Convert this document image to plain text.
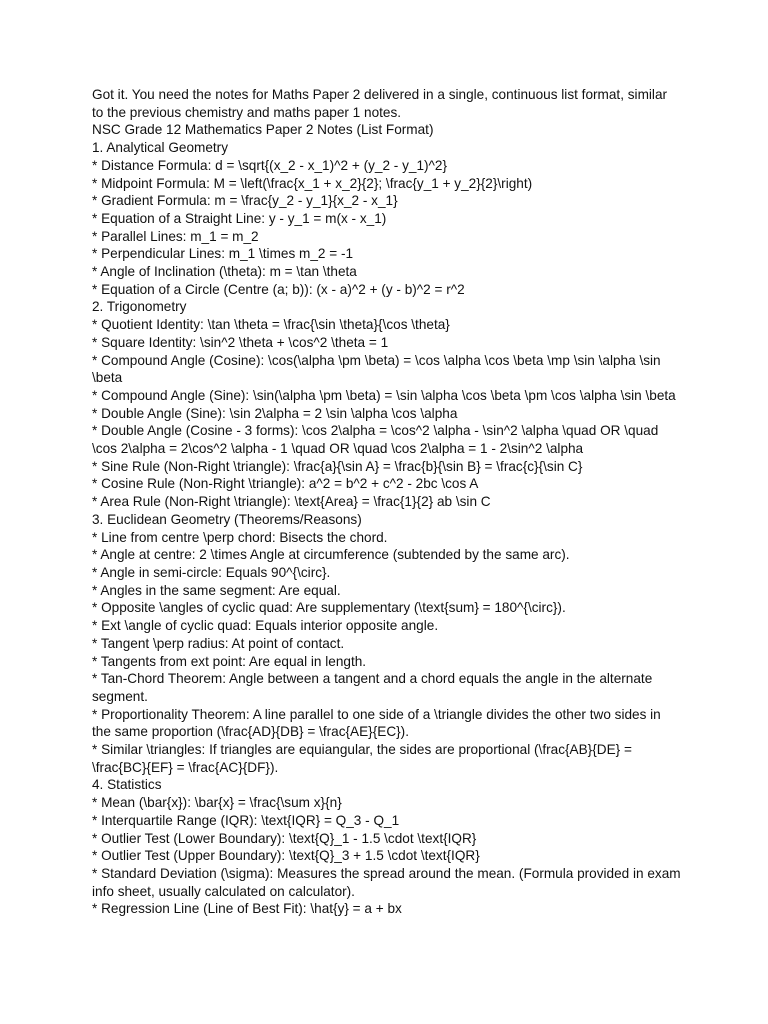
Got it. You need the notes for Maths Paper 2 delivered in a single, continuous list format, similar to the previous chemistry and maths paper 1 notes.

NSC Grade 12 Mathematics Paper 2 Notes (List Format)

1. Analytical Geometry

* Distance Formula: d = \sqrt{(x_2 - x_1)^2 + (y_2 - y_1)^2}

* Midpoint Formula: M = \left(\frac{x_1 + x_2}{2}; \frac{y_1 + y_2}{2}\right)

* Gradient Formula: m = \frac{y_2 - y_1}{x_2 - x_1}

* Equation of a Straight Line: y - y_1 = m(x - x_1)

* Parallel Lines: m_1 = m_2

* Perpendicular Lines: m_1 \times m_2 = -1

* Angle of Inclination (\theta): m = \tan \theta

* Equation of a Circle (Centre (a; b)): (x - a)^2 + (y - b)^2 = r^2

2. Trigonometry

* Quotient Identity: \tan \theta = \frac{\sin \theta}{\cos \theta}

* Square Identity: \sin^2 \theta + \cos^2 \theta = 1

* Compound Angle (Cosine): \cos(\alpha \pm \beta) = \cos \alpha \cos \beta \mp \sin \alpha \sin \beta

* Compound Angle (Sine): \sin(\alpha \pm \beta) = \sin \alpha \cos \beta \pm \cos \alpha \sin \beta

* Double Angle (Sine): \sin 2\alpha = 2 \sin \alpha \cos \alpha

* Double Angle (Cosine - 3 forms): \cos 2\alpha = \cos^2 \alpha - \sin^2 \alpha \quad OR \quad \cos 2\alpha = 2\cos^2 \alpha - 1 \quad OR \quad \cos 2\alpha = 1 - 2\sin^2 \alpha

* Sine Rule (Non-Right \triangle): \frac{a}{\sin A} = \frac{b}{\sin B} = \frac{c}{\sin C}

* Cosine Rule (Non-Right \triangle): a^2 = b^2 + c^2 - 2bc \cos A

* Area Rule (Non-Right \triangle): \text{Area} = \frac{1}{2} ab \sin C

3. Euclidean Geometry (Theorems/Reasons)

* Line from centre \perp chord: Bisects the chord.

* Angle at centre: 2 \times Angle at circumference (subtended by the same arc).

* Angle in semi-circle: Equals 90^{\circ}.

* Angles in the same segment: Are equal.

* Opposite \angles of cyclic quad: Are supplementary (\text{sum} = 180^{\circ}).

* Ext \angle of cyclic quad: Equals interior opposite angle.

* Tangent \perp radius: At point of contact.

* Tangents from ext point: Are equal in length.

* Tan-Chord Theorem: Angle between a tangent and a chord equals the angle in the alternate segment.

* Proportionality Theorem: A line parallel to one side of a \triangle divides the other two sides in the same proportion (\frac{AD}{DB} = \frac{AE}{EC}).

* Similar \triangles: If triangles are equiangular, the sides are proportional (\frac{AB}{DE} = \frac{BC}{EF} = \frac{AC}{DF}).

4. Statistics

* Mean (\bar{x}): \bar{x} = \frac{\sum x}{n}

* Interquartile Range (IQR): \text{IQR} = Q_3 - Q_1

* Outlier Test (Lower Boundary): \text{Q}_1 - 1.5 \cdot \text{IQR}

* Outlier Test (Upper Boundary): \text{Q}_3 + 1.5 \cdot \text{IQR}

* Standard Deviation (\sigma): Measures the spread around the mean. (Formula provided in exam info sheet, usually calculated on calculator).

* Regression Line (Line of Best Fit): \hat{y} = a + bx
